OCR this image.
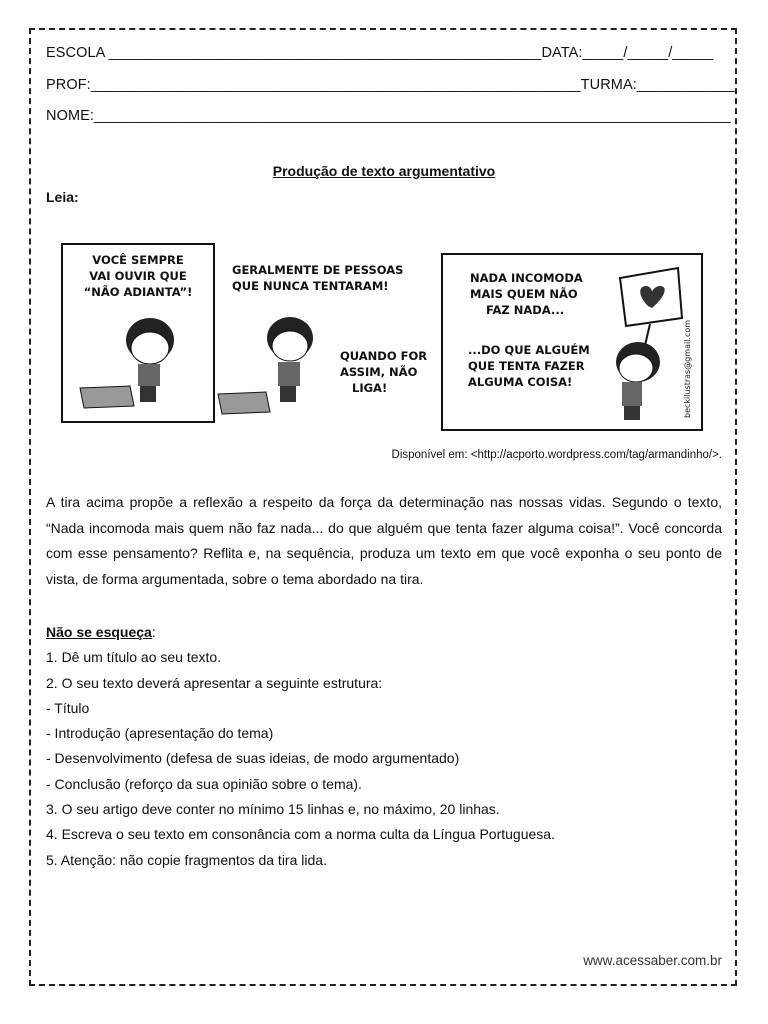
ESCOLA _____________________________________________________DATA:_____/_____/_____
PROF:____________________________________________________________TURMA:____________
NOME:______________________________________________________________________________
Produção de texto argumentativo
Leia:
VOCÊ SEMPRE
VAI OUVIR QUE
“NÃO ADIANTA”!
GERALMENTE DE PESSOAS
QUE NUNCA TENTARAM!
QUANDO FOR
ASSIM, NÃO
LIGA!
NADA INCOMODA
MAIS QUEM NÃO
FAZ NADA...
...DO QUE ALGUÉM
QUE TENTA FAZER
ALGUMA COISA!	beckilustras@gmail.com
Disponível em: <http://acporto.wordpress.com/tag/armandinho/>.
A tira acima propõe a reflexão a respeito da força da determinação nas nossas vidas. Segundo o texto, “Nada incomoda mais quem não faz nada... do que alguém que tenta fazer alguma coisa!”. Você concorda com esse pensamento? Reflita e, na sequência, produza um texto em que você exponha o seu ponto de vista, de forma argumentada, sobre o tema abordado na tira.
Não se esqueça:
1. Dê um título ao seu texto.
2. O seu texto deverá apresentar a seguinte estrutura:
- Título
- Introdução (apresentação do tema)
- Desenvolvimento (defesa de suas ideias, de modo argumentado)
- Conclusão (reforço da sua opinião sobre o tema).
3. O seu artigo deve conter no mínimo 15 linhas e, no máximo, 20 linhas.
4. Escreva o seu texto em consonância com a norma culta da Língua Portuguesa.
5. Atenção: não copie fragmentos da tira lida.
www.acessaber.com.br
